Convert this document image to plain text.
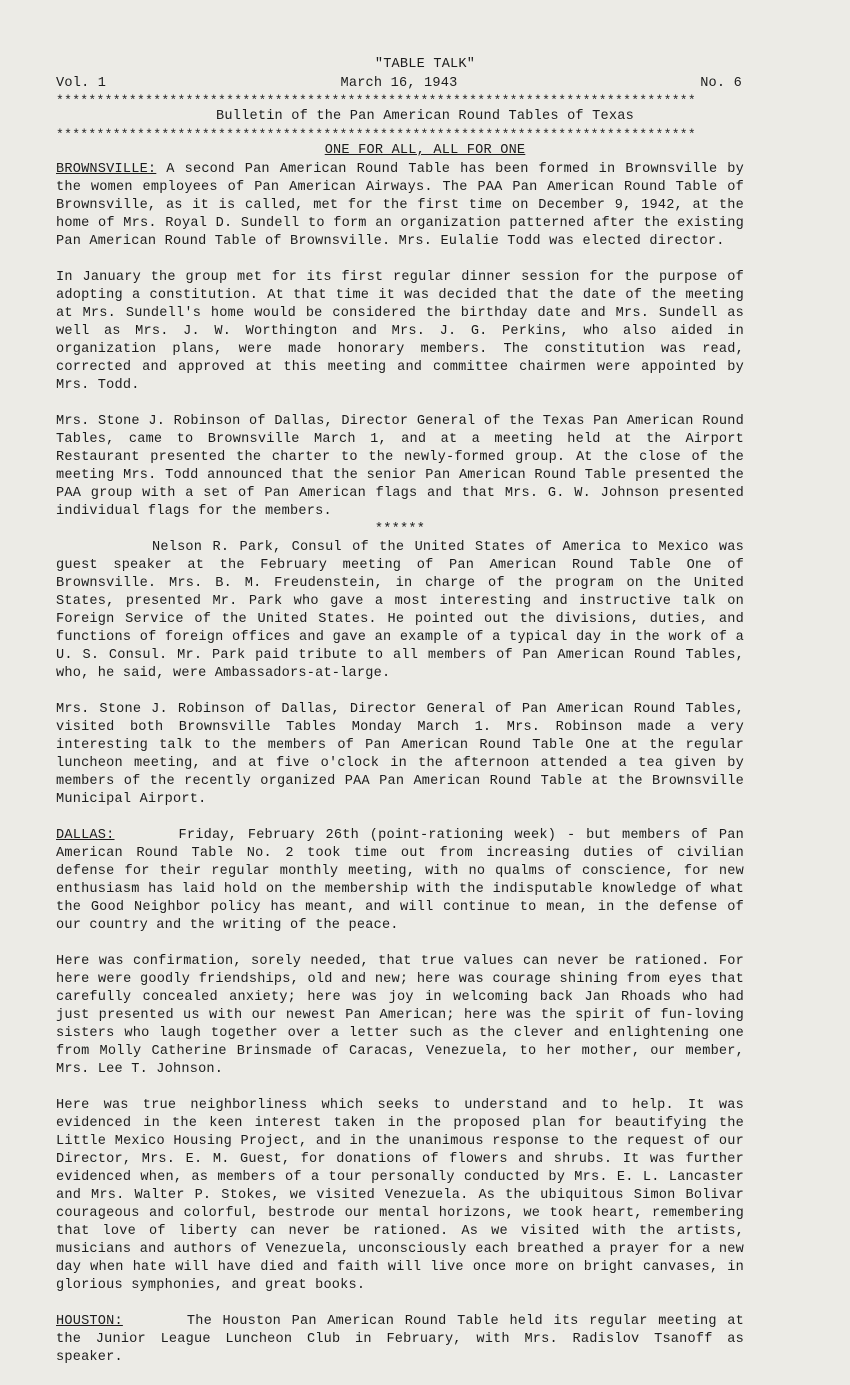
"TABLE TALK"
Vol. 1	March 16, 1943	No. 6
*******************************************************************************
Bulletin of the Pan American Round Tables of Texas
*******************************************************************************
ONE FOR ALL, ALL FOR ONE

BROWNSVILLE: A second Pan American Round Table has been formed in Brownsville by the women employees of Pan American Airways. The PAA Pan American Round Table of Brownsville, as it is called, met for the first time on December 9, 1942, at the home of Mrs. Royal D. Sundell to form an organization patterned after the existing Pan American Round Table of Brownsville. Mrs. Eulalie Todd was elected director.

In January the group met for its first regular dinner session for the purpose of adopting a constitution. At that time it was decided that the date of the meeting at Mrs. Sundell's home would be considered the birthday date and Mrs. Sundell as well as Mrs. J. W. Worthington and Mrs. J. G. Perkins, who also aided in organization plans, were made honorary members. The constitution was read, corrected and approved at this meeting and committee chairmen were appointed by Mrs. Todd.

Mrs. Stone J. Robinson of Dallas, Director General of the Texas Pan American Round Tables, came to Brownsville March 1, and at a meeting held at the Airport Restaurant presented the charter to the newly-formed group. At the close of the meeting Mrs. Todd announced that the senior Pan American Round Table presented the PAA group with a set of Pan American flags and that Mrs. G. W. Johnson presented individual flags for the members.

******

Nelson R. Park, Consul of the United States of America to Mexico was guest speaker at the February meeting of Pan American Round Table One of Brownsville. Mrs. B. M. Freudenstein, in charge of the program on the United States, presented Mr. Park who gave a most interesting and instructive talk on Foreign Service of the United States. He pointed out the divisions, duties, and functions of foreign offices and gave an example of a typical day in the work of a U. S. Consul. Mr. Park paid tribute to all members of Pan American Round Tables, who, he said, were Ambassadors-at-large.

Mrs. Stone J. Robinson of Dallas, Director General of Pan American Round Tables, visited both Brownsville Tables Monday March 1. Mrs. Robinson made a very interesting talk to the members of Pan American Round Table One at the regular luncheon meeting, and at five o'clock in the afternoon attended a tea given by members of the recently organized PAA Pan American Round Table at the Brownsville Municipal Airport.

DALLAS:	Friday, February 26th (point-rationing week) - but members of Pan American Round Table No. 2 took time out from increasing duties of civilian defense for their regular monthly meeting, with no qualms of conscience, for new enthusiasm has laid hold on the membership with the indisputable knowledge of what the Good Neighbor policy has meant, and will continue to mean, in the defense of our country and the writing of the peace.

Here was confirmation, sorely needed, that true values can never be rationed. For here were goodly friendships, old and new; here was courage shining from eyes that carefully concealed anxiety; here was joy in welcoming back Jan Rhoads who had just presented us with our newest Pan American; here was the spirit of fun-loving sisters who laugh together over a letter such as the clever and enlightening one from Molly Catherine Brinsmade of Caracas, Venezuela, to her mother, our member, Mrs. Lee T. Johnson.

Here was true neighborliness which seeks to understand and to help. It was evidenced in the keen interest taken in the proposed plan for beautifying the Little Mexico Housing Project, and in the unanimous response to the request of our Director, Mrs. E. M. Guest, for donations of flowers and shrubs. It was further evidenced when, as members of a tour personally conducted by Mrs. E. L. Lancaster and Mrs. Walter P. Stokes, we visited Venezuela. As the ubiquitous Simon Bolivar courageous and colorful, bestrode our mental horizons, we took heart, remembering that love of liberty can never be rationed. As we visited with the artists, musicians and authors of Venezuela, unconsciously each breathed a prayer for a new day when hate will have died and faith will live once more on bright canvases, in glorious symphonies, and great books.

HOUSTON:	The Houston Pan American Round Table held its regular meeting at the Junior League Luncheon Club in February, with Mrs. Radislov Tsanoff as speaker.
